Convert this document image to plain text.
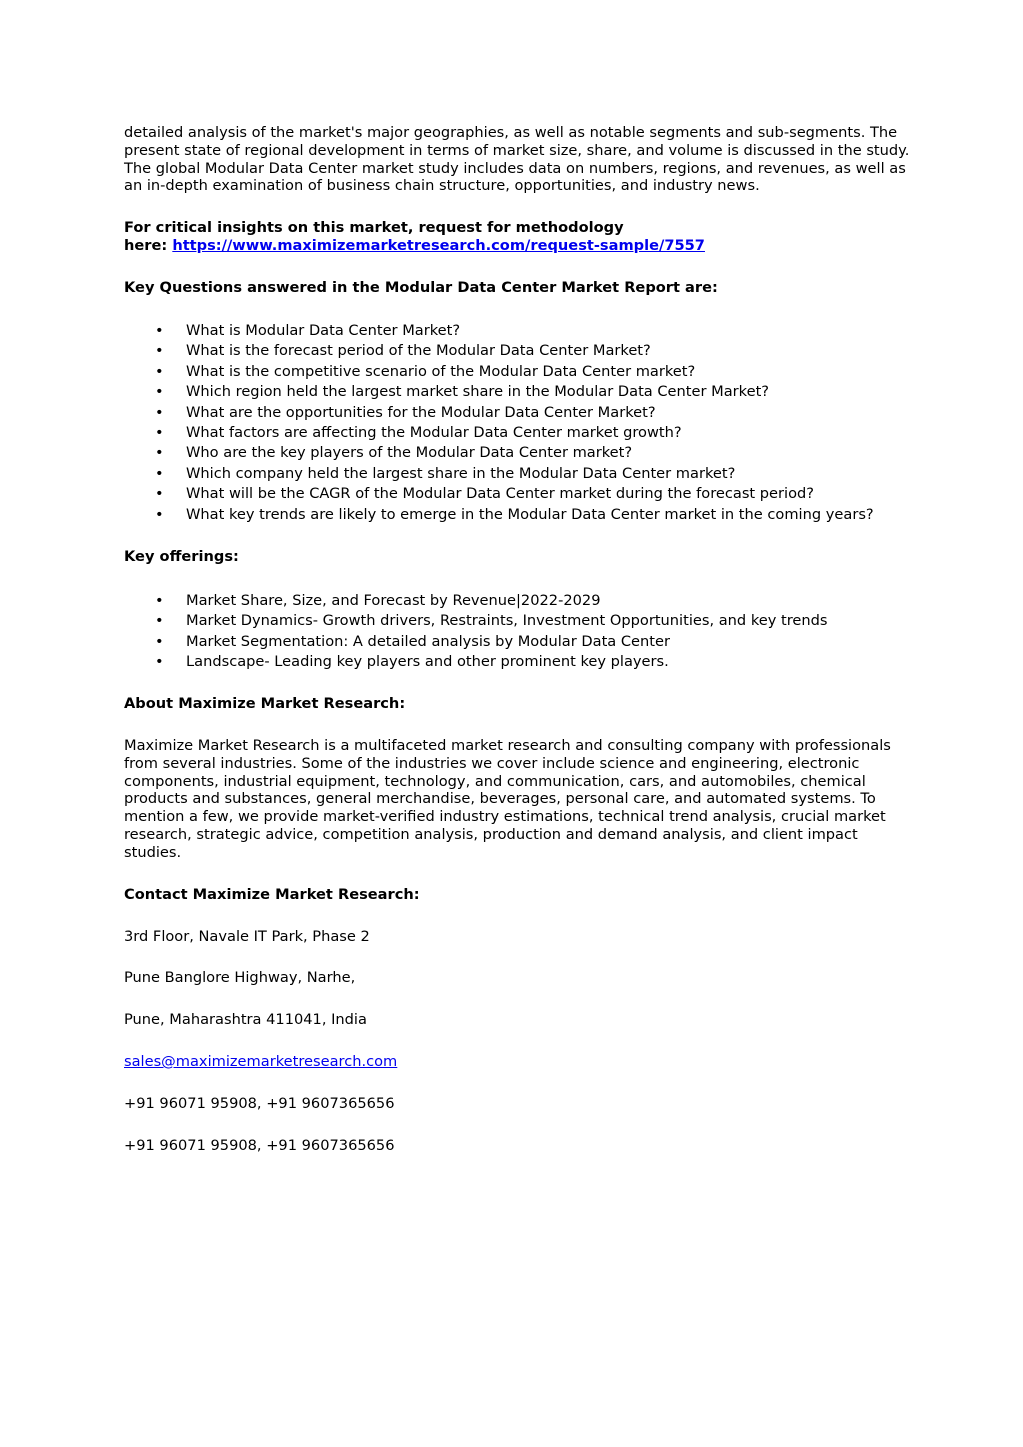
detailed analysis of the market's major geographies, as well as notable segments and sub-segments. The present state of regional development in terms of market size, share, and volume is discussed in the study. The global Modular Data Center market study includes data on numbers, regions, and revenues, as well as an in-depth examination of business chain structure, opportunities, and industry news.

For critical insights on this market, request for methodology
here: https://www.maximizemarketresearch.com/request-sample/7557

Key Questions answered in the Modular Data Center Market Report are:

• What is Modular Data Center Market?
• What is the forecast period of the Modular Data Center Market?
• What is the competitive scenario of the Modular Data Center market?
• Which region held the largest market share in the Modular Data Center Market?
• What are the opportunities for the Modular Data Center Market?
• What factors are affecting the Modular Data Center market growth?
• Who are the key players of the Modular Data Center market?
• Which company held the largest share in the Modular Data Center market?
• What will be the CAGR of the Modular Data Center market during the forecast period?
• What key trends are likely to emerge in the Modular Data Center market in the coming years?

Key offerings:

• Market Share, Size, and Forecast by Revenue|2022-2029
• Market Dynamics- Growth drivers, Restraints, Investment Opportunities, and key trends
• Market Segmentation: A detailed analysis by Modular Data Center
• Landscape- Leading key players and other prominent key players.

About Maximize Market Research:

Maximize Market Research is a multifaceted market research and consulting company with professionals from several industries. Some of the industries we cover include science and engineering, electronic components, industrial equipment, technology, and communication, cars, and automobiles, chemical products and substances, general merchandise, beverages, personal care, and automated systems. To mention a few, we provide market-verified industry estimations, technical trend analysis, crucial market research, strategic advice, competition analysis, production and demand analysis, and client impact studies.

Contact Maximize Market Research:

3rd Floor, Navale IT Park, Phase 2

Pune Banglore Highway, Narhe,

Pune, Maharashtra 411041, India

sales@maximizemarketresearch.com

+91 96071 95908, +91 9607365656

+91 96071 95908, +91 9607365656
